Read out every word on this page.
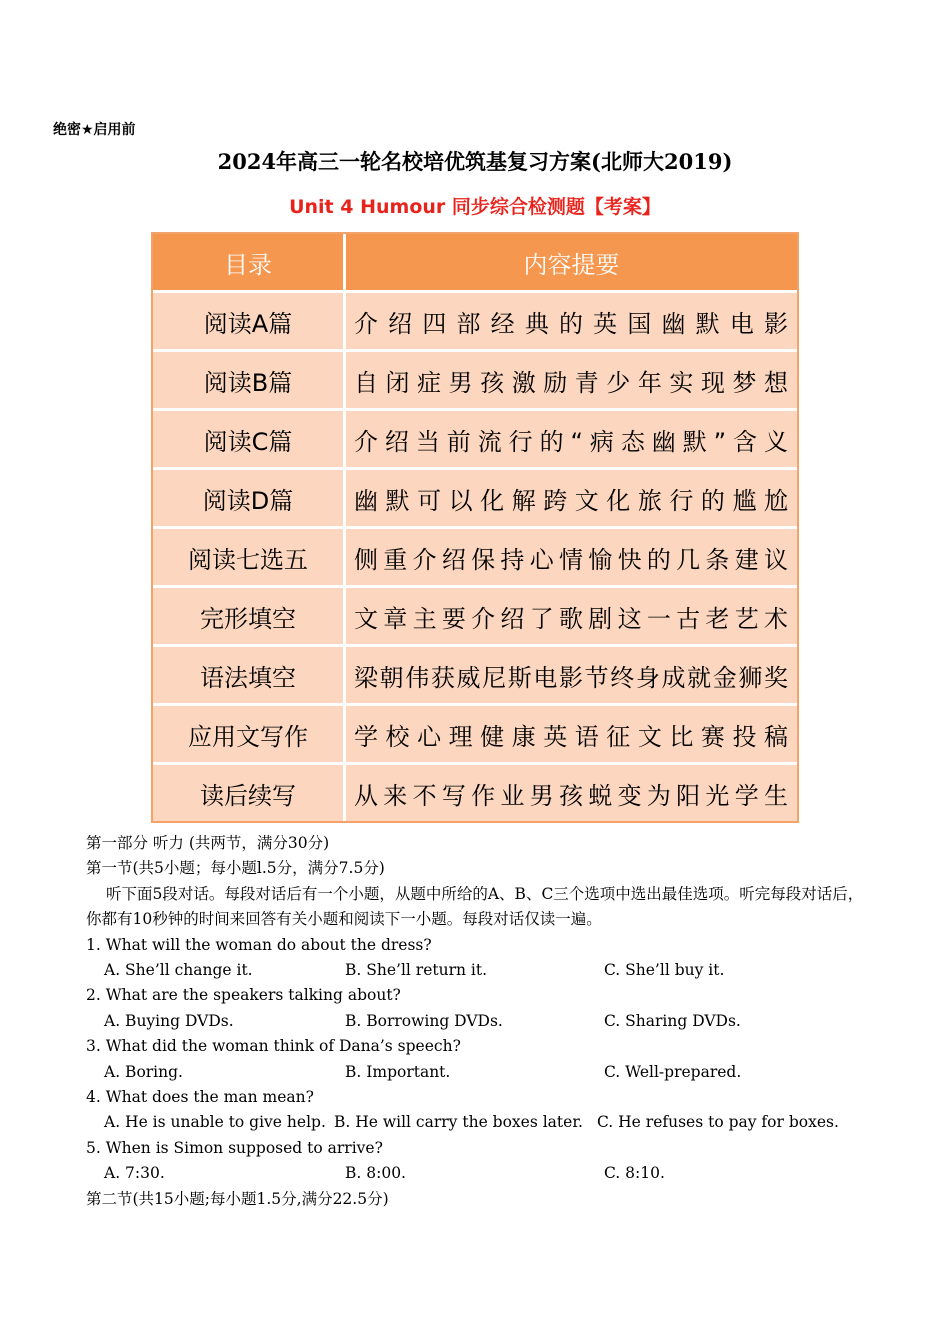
绝密★启用前
2024年高三一轮名校培优筑基复习方案(北师大2019)
Unit 4 Humour 同步综合检测题【考案】
目录	内容提要
阅读A篇	介绍四部经典的英国幽默电影
阅读B篇	自闭症男孩激励青少年实现梦想
阅读C篇	介绍当前流行的“病态幽默”含义
阅读D篇	幽默可以化解跨文化旅行的尴尬
阅读七选五	侧重介绍保持心情愉快的几条建议
完形填空	文章主要介绍了歌剧这一古老艺术
语法填空	梁朝伟获威尼斯电影节终身成就金狮奖
应用文写作	学校心理健康英语征文比赛投稿
读后续写	从来不写作业男孩蜕变为阳光学生
第一部分 听力 (共两节，满分30分)
第一节(共5小题；每小题l.5分，满分7.5分)
听下面5段对话。每段对话后有一个小题，从题中所给的A、B、C三个选项中选出最佳选项。听完每段对话后，你都有10秒钟的时间来回答有关小题和阅读下一小题。每段对话仅读一遍。
1. What will the woman do about the dress?
A. She’ll change it.	B. She’ll return it.	C. She’ll buy it.
2. What are the speakers talking about?
A. Buying DVDs.	B. Borrowing DVDs.	C. Sharing DVDs.
3. What did the woman think of Dana’s speech?
A. Boring.	B. Important.	C. Well-prepared.
4. What does the man mean?
A. He is unable to give help. B. He will carry the boxes later. C. He refuses to pay for boxes.
5. When is Simon supposed to arrive?
A. 7:30.	B. 8:00.	C. 8:10.
第二节(共15小题;每小题1.5分,满分22.5分)
